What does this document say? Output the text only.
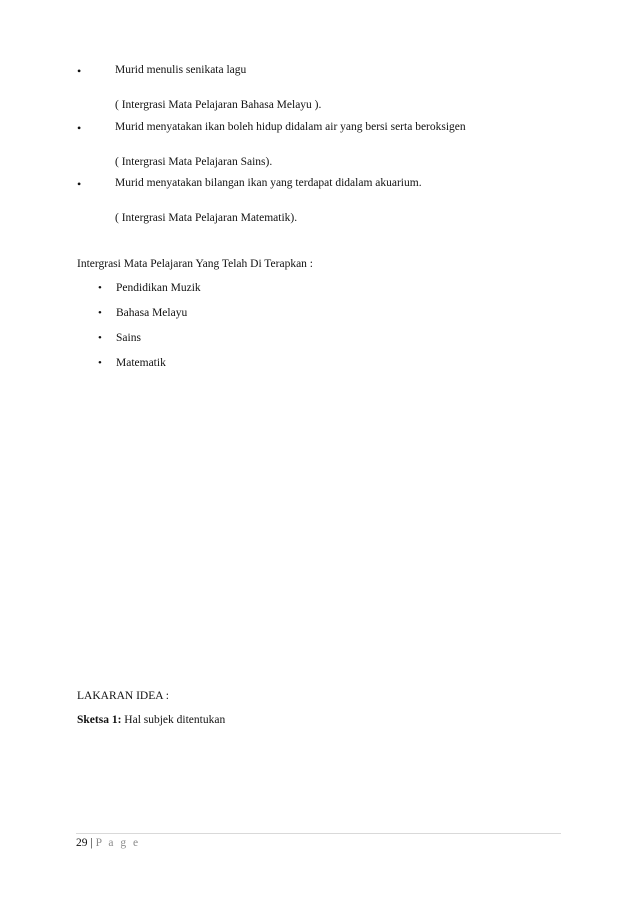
•	Murid menulis senikata lagu
( Intergrasi Mata Pelajaran Bahasa Melayu ).
•	Murid menyatakan ikan boleh hidup didalam air yang bersi serta beroksigen
( Intergrasi Mata Pelajaran Sains).
•	Murid menyatakan bilangan ikan yang terdapat didalam akuarium.
( Intergrasi Mata Pelajaran Matematik).
Intergrasi Mata Pelajaran Yang Telah Di Terapkan :
• Pendidikan Muzik
• Bahasa Melayu
• Sains
• Matematik
LAKARAN IDEA :
Sketsa 1: Hal subjek ditentukan
29 | P a g e
